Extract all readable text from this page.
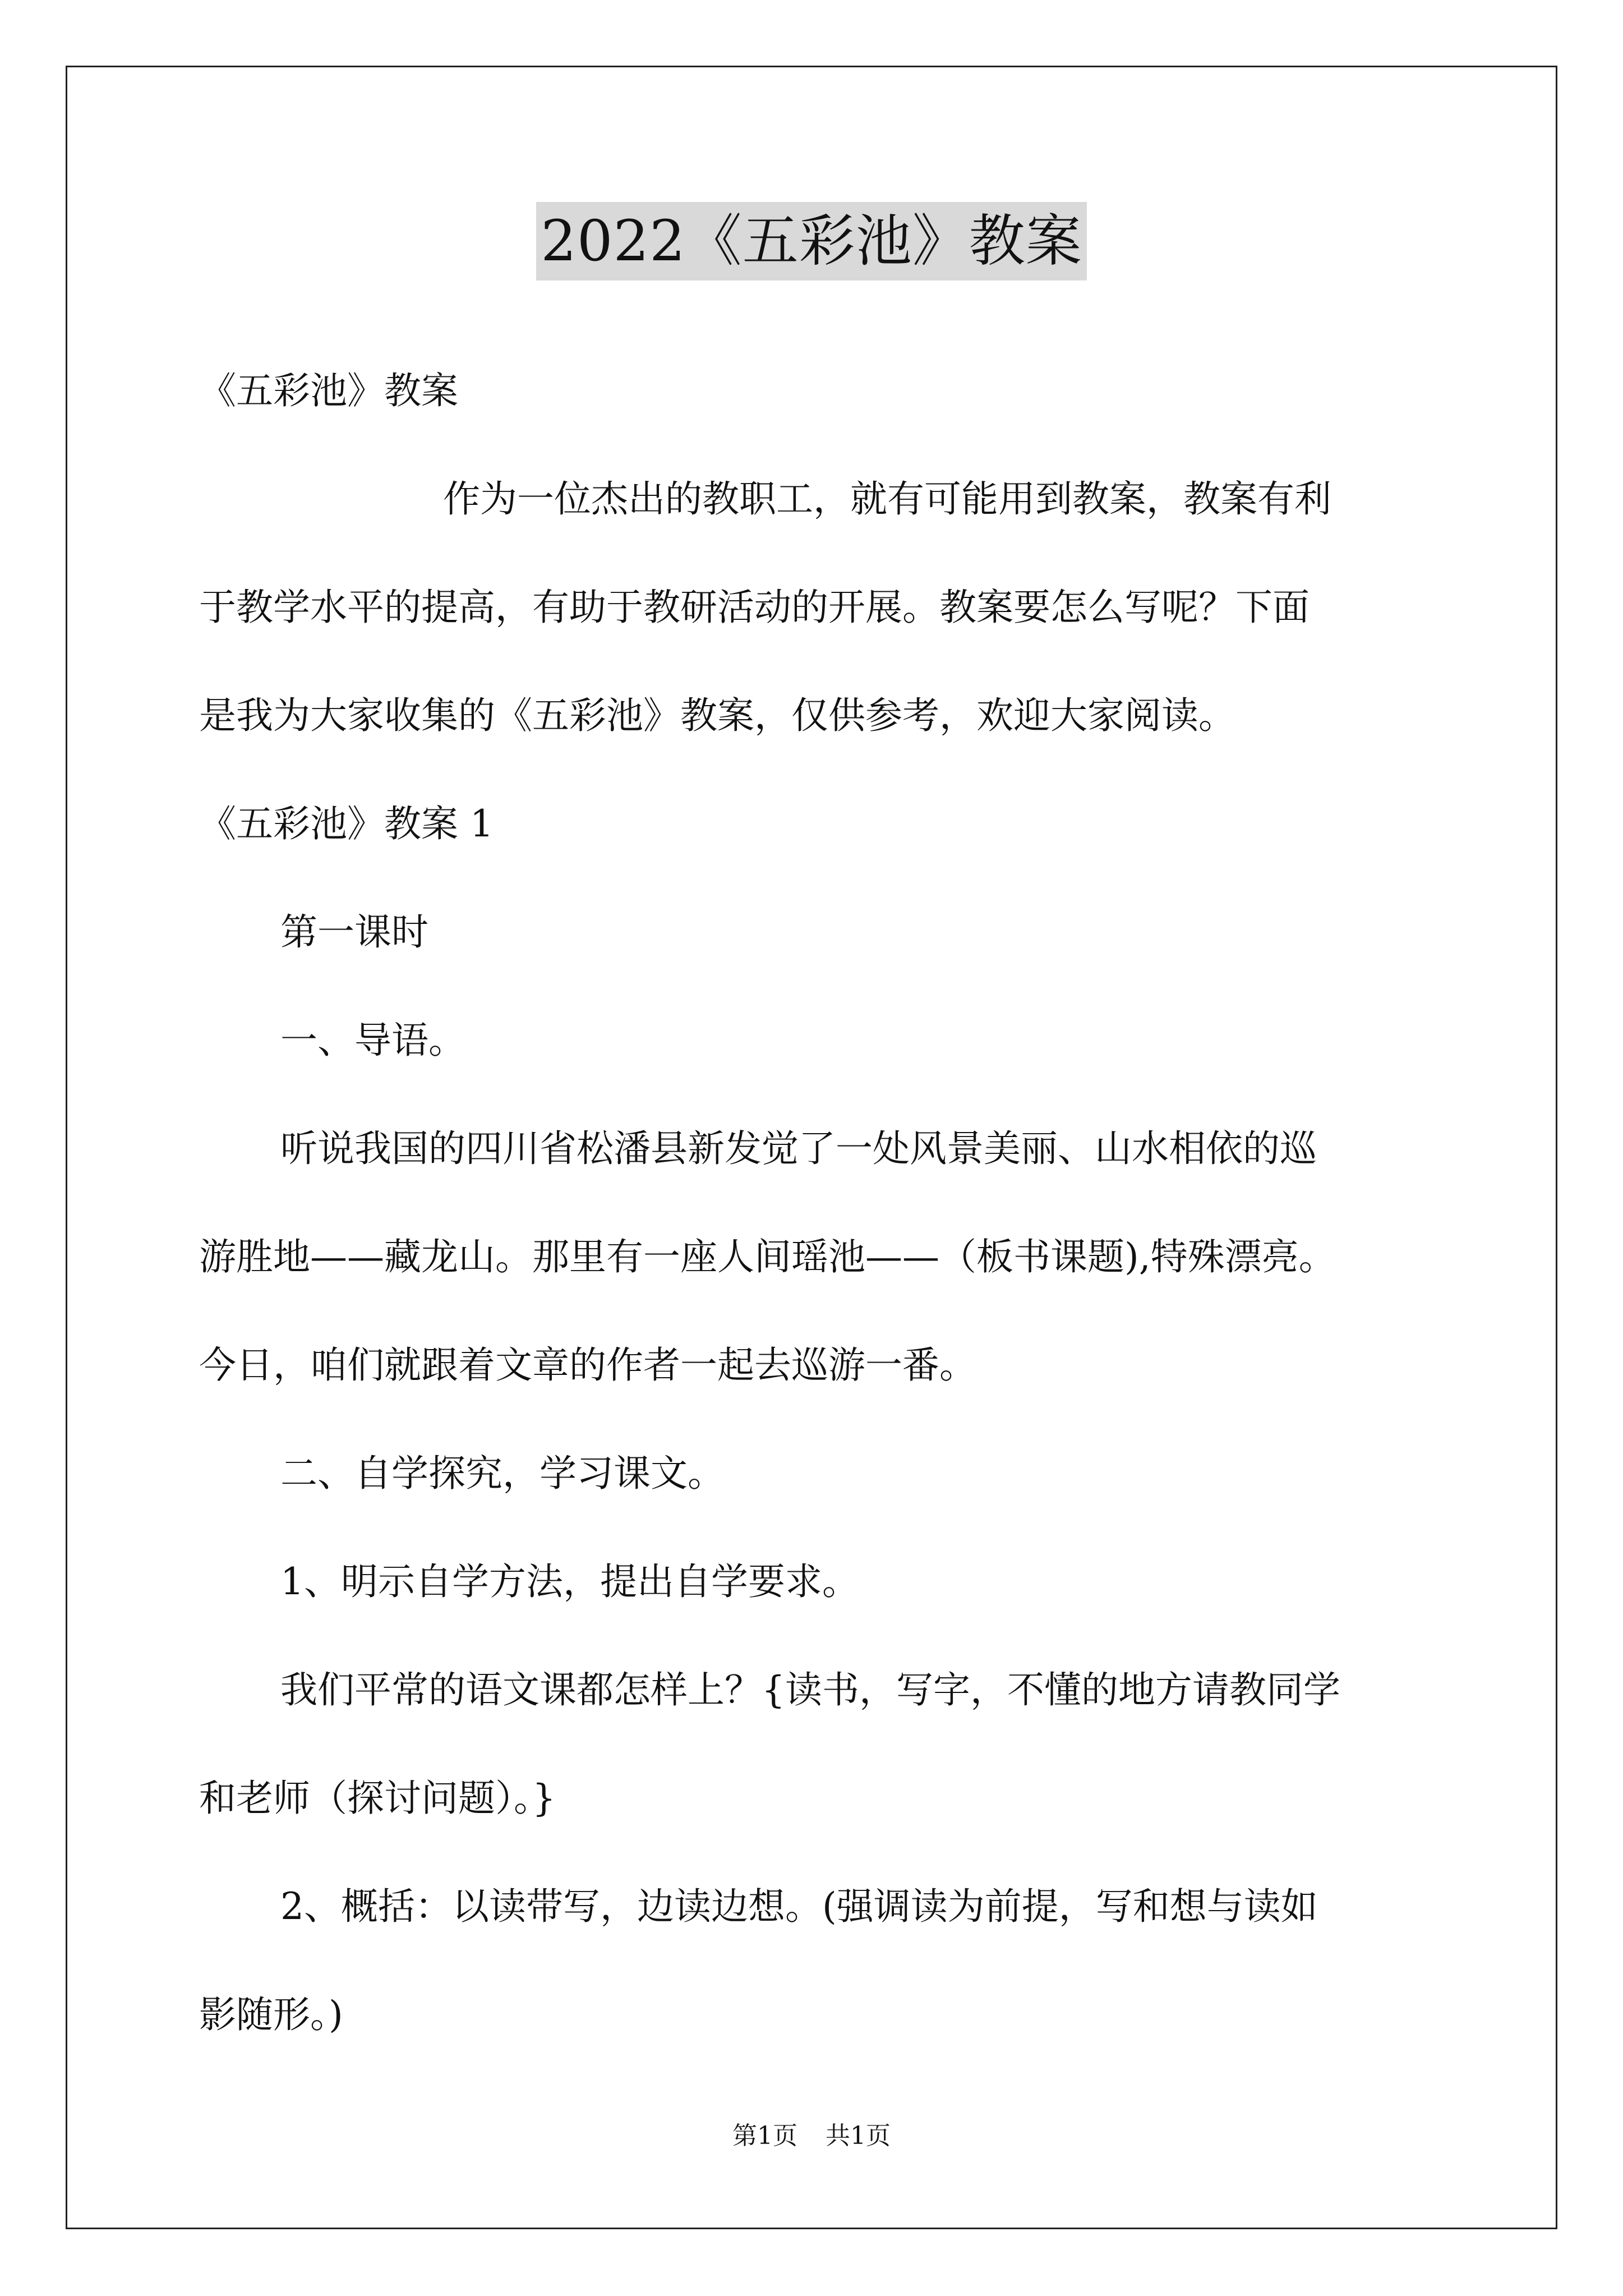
2022《五彩池》教案

《五彩池》教案

作为一位杰出的教职工，就有可能用到教案，教案有利

于教学水平的提高，有助于教研活动的开展。教案要怎么写呢？下面

是我为大家收集的《五彩池》教案，仅供参考，欢迎大家阅读。

《五彩池》教案 1

第一课时

一、导语。

听说我国的四川省松潘县新发觉了一处风景美丽、山水相依的巡

游胜地——藏龙山。那里有一座人间瑶池——（板书课题),特殊漂亮。

今日，咱们就跟着文章的作者一起去巡游一番。

二、自学探究，学习课文。

1、明示自学方法，提出自学要求。

我们平常的语文课都怎样上？{读书，写字，不懂的地方请教同学

和老师（探讨问题）。}

2、概括：以读带写，边读边想。(强调读为前提，写和想与读如

影随形。)

第1页 共1页
